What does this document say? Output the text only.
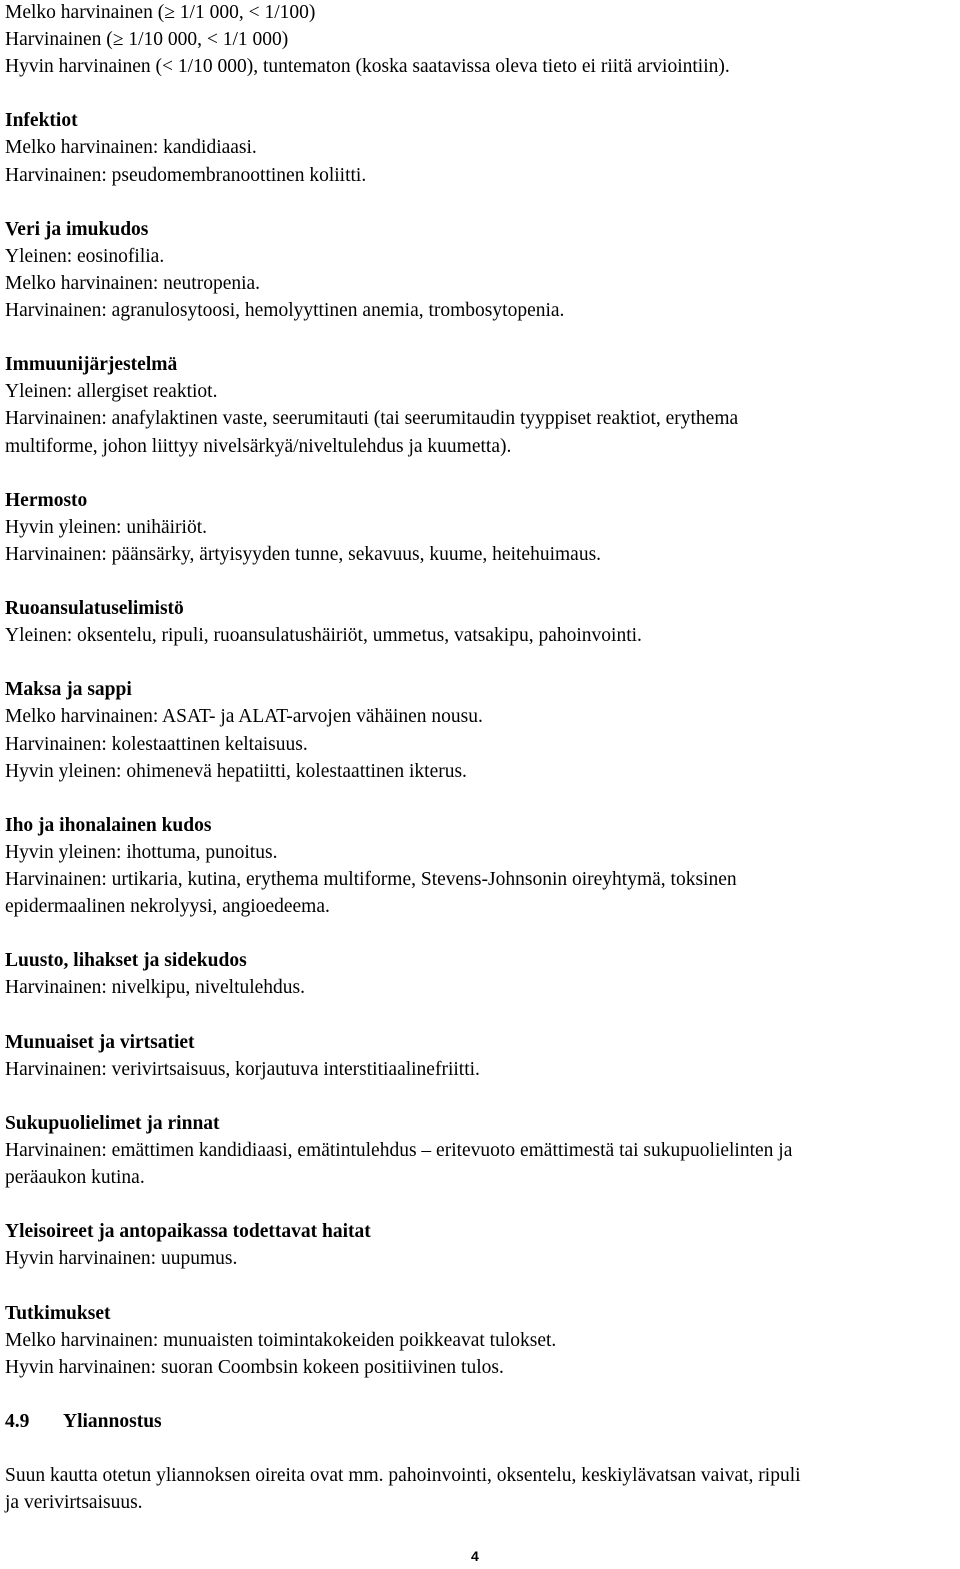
Melko harvinainen (≥ 1/1 000, < 1/100)
Harvinainen (≥ 1/10 000, < 1/1 000)
Hyvin harvinainen (< 1/10 000), tuntematon (koska saatavissa oleva tieto ei riitä arviointiin).
Infektiot
Melko harvinainen: kandidiaasi.
Harvinainen: pseudomembranoottinen koliitti.
Veri ja imukudos
Yleinen: eosinofilia.
Melko harvinainen: neutropenia.
Harvinainen: agranulosytoosi, hemolyyttinen anemia, trombosytopenia.
Immuunijärjestelmä
Yleinen: allergiset reaktiot.
Harvinainen: anafylaktinen vaste, seerumitauti (tai seerumitaudin tyyppiset reaktiot, erythema
multiforme, johon liittyy nivelsärkyä/niveltulehdus ja kuumetta).
Hermosto
Hyvin yleinen: unihäiriöt.
Harvinainen: päänsärky, ärtyisyyden tunne, sekavuus, kuume, heitehuimaus.
Ruoansulatuselimistö
Yleinen: oksentelu, ripuli, ruoansulatushäiriöt, ummetus, vatsakipu, pahoinvointi.
Maksa ja sappi
Melko harvinainen: ASAT- ja ALAT-arvojen vähäinen nousu.
Harvinainen: kolestaattinen keltaisuus.
Hyvin yleinen: ohimenevä hepatiitti, kolestaattinen ikterus.
Iho ja ihonalainen kudos
Hyvin yleinen: ihottuma, punoitus.
Harvinainen: urtikaria, kutina, erythema multiforme, Stevens-Johnsonin oireyhtymä, toksinen
epidermaalinen nekrolyysi, angioedeema.
Luusto, lihakset ja sidekudos
Harvinainen: nivelkipu, niveltulehdus.
Munuaiset ja virtsatiet
Harvinainen: verivirtsaisuus, korjautuva interstitiaalinefriitti.
Sukupuolielimet ja rinnat
Harvinainen: emättimen kandidiaasi, emätintulehdus – eritevuoto emättimestä tai sukupuolielinten ja
peräaukon kutina.
Yleisoireet ja antopaikassa todettavat haitat
Hyvin harvinainen: uupumus.
Tutkimukset
Melko harvinainen: munuaisten toimintakokeiden poikkeavat tulokset.
Hyvin harvinainen: suoran Coombsin kokeen positiivinen tulos.
4.9 Yliannostus
Suun kautta otetun yliannoksen oireita ovat mm. pahoinvointi, oksentelu, keskiylävatsan vaivat, ripuli
ja verivirtsaisuus.
4
